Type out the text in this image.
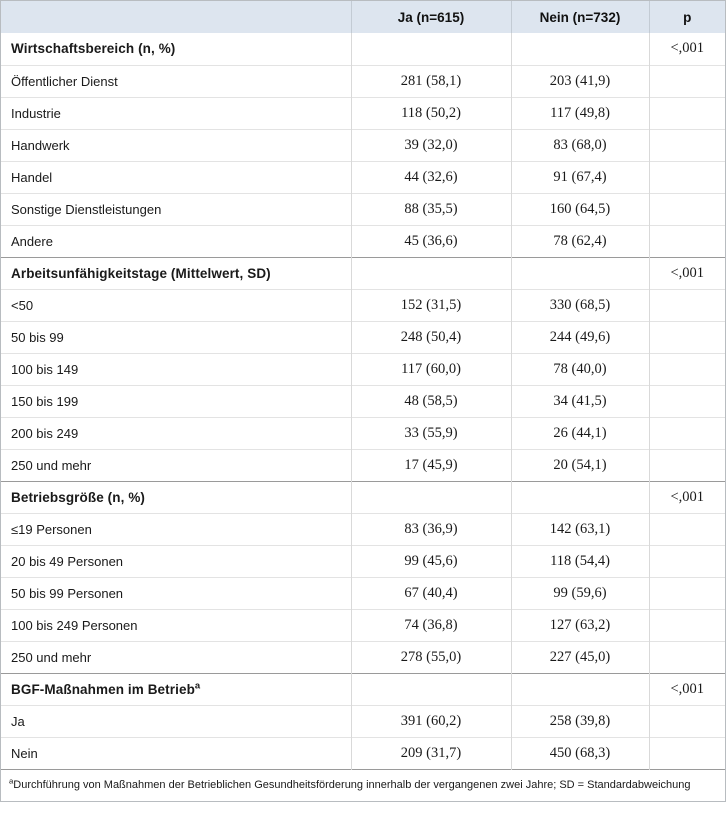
	Ja (n=615)	Nein (n=732)	p
Wirtschaftsbereich (n, %)			<,001
Öffentlicher Dienst	281 (58,1)	203 (41,9)	
Industrie	118 (50,2)	117 (49,8)	
Handwerk	39 (32,0)	83 (68,0)	
Handel	44 (32,6)	91 (67,4)	
Sonstige Dienstleistungen	88 (35,5)	160 (64,5)	
Andere	45 (36,6)	78 (62,4)	
Arbeitsunfähigkeitstage (Mittelwert, SD)			<,001
<50	152 (31,5)	330 (68,5)	
50 bis 99	248 (50,4)	244 (49,6)	
100 bis 149	117 (60,0)	78 (40,0)	
150 bis 199	48 (58,5)	34 (41,5)	
200 bis 249	33 (55,9)	26 (44,1)	
250 und mehr	17 (45,9)	20 (54,1)	
Betriebsgröße (n, %)			<,001
≤19 Personen	83 (36,9)	142 (63,1)	
20 bis 49 Personen	99 (45,6)	118 (54,4)	
50 bis 99 Personen	67 (40,4)	99 (59,6)	
100 bis 249 Personen	74 (36,8)	127 (63,2)	
250 und mehr	278 (55,0)	227 (45,0)	
BGF-Maßnahmen im Betrieb$^a$			<,001
Ja	391 (60,2)	258 (39,8)	
Nein	209 (31,7)	450 (68,3)	
$^a$Durchführung von Maßnahmen der Betrieblichen Gesundheitsförderung innerhalb der vergangenen zwei Jahre; SD = Standardabweichung			
